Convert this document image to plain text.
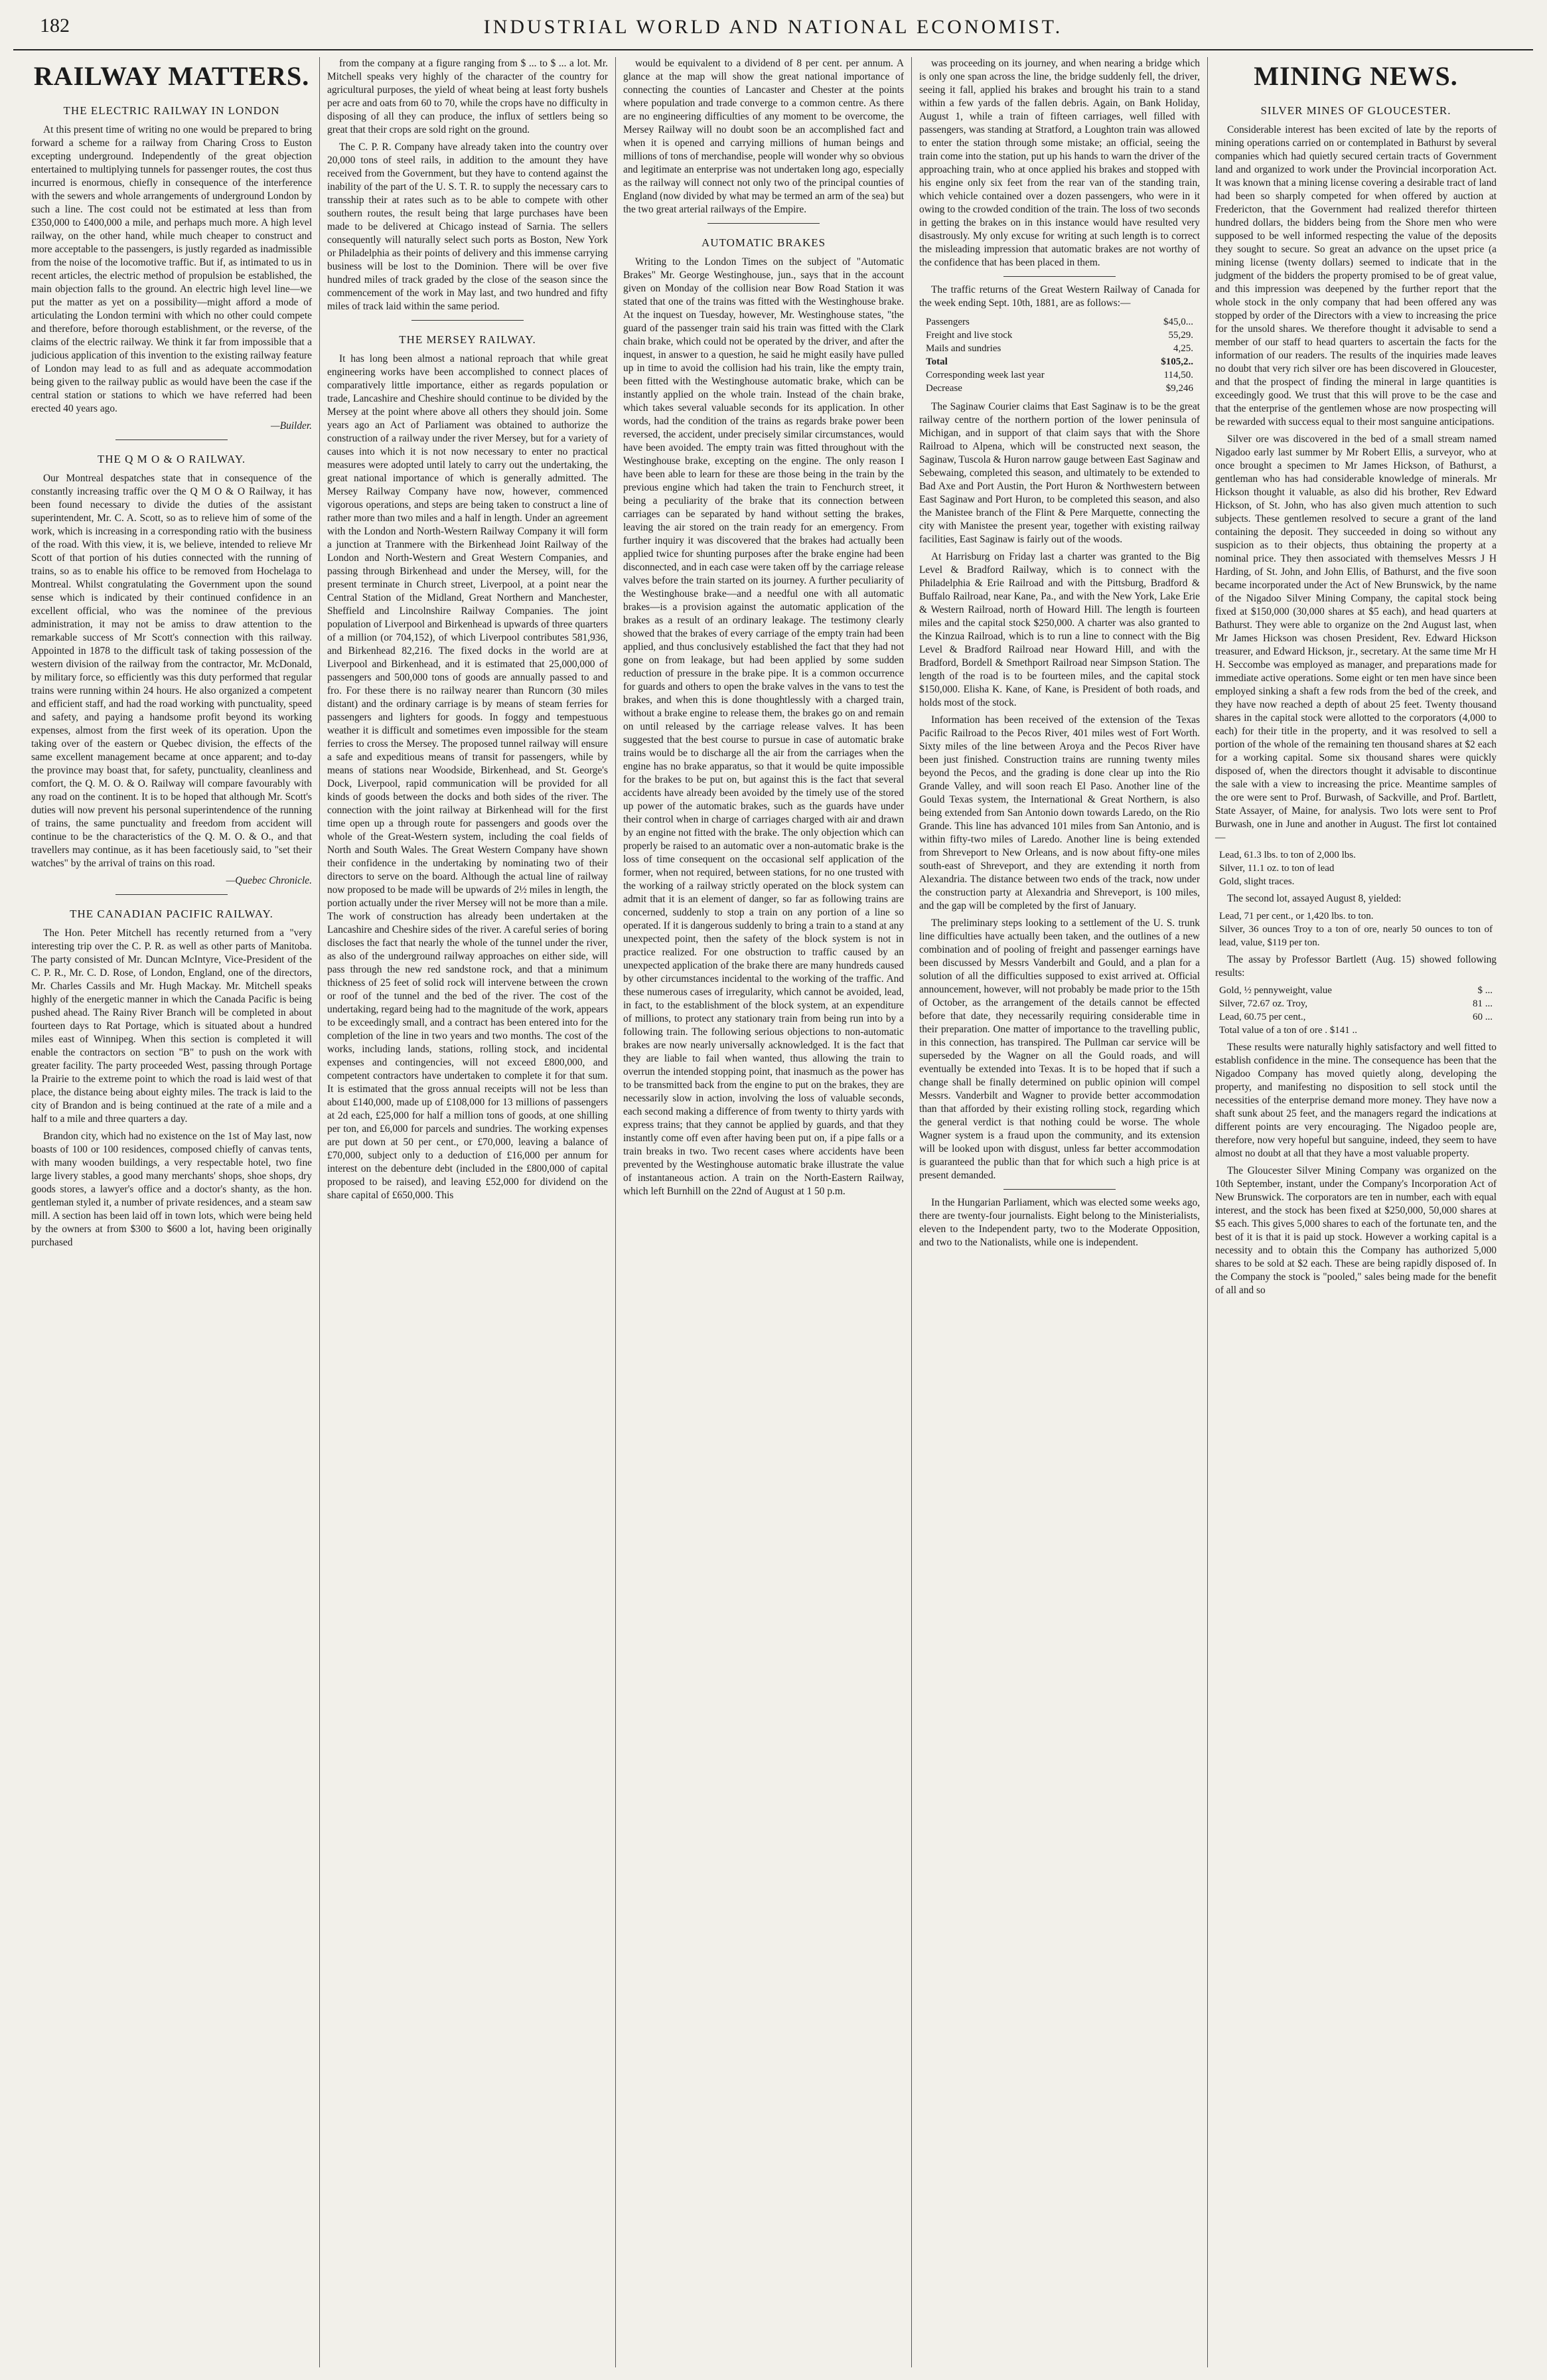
182	INDUSTRIAL WORLD AND NATIONAL ECONOMIST.
RAILWAY MATTERS.
THE ELECTRIC RAILWAY IN LONDON

At this present time of writing no one would be prepared to bring forward a scheme for a railway from Charing Cross to Euston excepting underground. Independently of the great objection entertained to multiplying tunnels for passenger routes, the cost thus incurred is enormous, chiefly in consequence of the interference with the sewers and whole arrangements of underground London by such a line. The cost could not be estimated at less than from £350,000 to £400,000 a mile, and perhaps much more. A high level railway, on the other hand, while much cheaper to construct and more acceptable to the passengers, is justly regarded as inadmissible from the noise of the locomotive traffic. But if, as intimated to us in recent articles, the electric method of propulsion be established, the main objection falls to the ground. An electric high level line—we put the matter as yet on a possibility—might afford a mode of articulating the London termini with which no other could compete and therefore, before thorough establishment, or the reverse, of the claims of the electric railway. We think it far from impossible that a judicious application of this invention to the existing railway feature of London may lead to as full and as adequate accommodation being given to the railway public as would have been the case if the central station or stations to which we have referred had been erected 40 years ago.

—Builder.
THE Q M O & O RAILWAY.

Our Montreal despatches state that in consequence of the constantly increasing traffic over the Q M O & O Railway, it has been found necessary to divide the duties of the assistant superintendent, Mr. C. A. Scott, so as to relieve him of some of the work, which is increasing in a corresponding ratio with the business of the road. With this view, it is, we believe, intended to relieve Mr Scott of that portion of his duties connected with the running of trains, so as to enable his office to be removed from Hochelaga to Montreal. Whilst congratulating the Government upon the sound sense which is indicated by their continued confidence in an excellent official, who was the nominee of the previous administration, it may not be amiss to draw attention to the remarkable success of Mr Scott's connection with this railway. Appointed in 1878 to the difficult task of taking possession of the western division of the railway from the contractor, Mr. McDonald, by military force, so efficiently was this duty performed that regular trains were running within 24 hours. He also organized a competent and efficient staff, and had the road working with punctuality, speed and safety, and paying a handsome profit beyond its working expenses, almost from the first week of its operation. Upon the taking over of the eastern or Quebec division, the effects of the same excellent management became at once apparent; and to-day the province may boast that, for safety, punctuality, cleanliness and comfort, the Q. M. O. & O. Railway will compare favourably with any road on the continent. It is to be hoped that although Mr. Scott's duties will now prevent his personal superintendence of the running of trains, the same punctuality and freedom from accident will continue to be the characteristics of the Q. M. O. & O., and that travellers may continue, as it has been facetiously said, to "set their watches" by the arrival of trains on this road.

—Quebec Chronicle.
THE CANADIAN PACIFIC RAILWAY.

The Hon. Peter Mitchell has recently returned from a "very interesting trip over the C. P. R. as well as other parts of Manitoba. The party consisted of Mr. Duncan McIntyre, Vice-President of the C. P. R., Mr. C. D. Rose, of London, England, one of the directors, Mr. Charles Cassils and Mr. Hugh Mackay. Mr. Mitchell speaks highly of the energetic manner in which the Canada Pacific is being pushed ahead. The Rainy River Branch will be completed in about fourteen days to Rat Portage, which is situated about a hundred miles east of Winnipeg. When this section is completed it will enable the contractors on section "B" to push on the work with greater facility. The party proceeded West, passing through Portage la Prairie to the extreme point to which the road is laid west of that place, the distance being about eighty miles. The track is laid to the city of Brandon and is being continued at the rate of a mile and a half to a mile and three quarters a day.

Brandon city, which had no existence on the 1st of May last, now boasts of 100 or 100 residences, composed chiefly of canvas tents, with many wooden buildings, a very respectable hotel, two fine large livery stables, a good many merchants' shops, shoe shops, dry goods stores, a lawyer's office and a doctor's shanty, as the hon. gentleman styled it, a number of private residences, and a steam saw mill. A section has been laid off in town lots, which were being held by the owners at from $300 to $600 a lot, having been originally purchased

from the company at a figure ranging from $ ... to $ ... a lot. Mr. Mitchell speaks very highly of the character of the country for agricultural purposes, the yield of wheat being at least forty bushels per acre and oats from 60 to 70, while the crops have no difficulty in disposing of all they can produce, the influx of settlers being so great that their crops are sold right on the ground.

The C. P. R. Company have already taken into the country over 20,000 tons of steel rails, in addition to the amount they have received from the Government, but they have to contend against the inability of the part of the U. S. T. R. to supply the necessary cars to transship their at rates such as to be able to compete with other southern routes, the result being that large purchases have been made to be delivered at Chicago instead of Sarnia. The sellers consequently will naturally select such ports as Boston, New York or Philadelphia as their points of delivery and this immense carrying business will be lost to the Dominion. There will be over five hundred miles of track graded by the close of the season since the commencement of the work in May last, and two hundred and fifty miles of track laid within the same period.

THE MERSEY RAILWAY.

It has long been almost a national reproach that while great engineering works have been accomplished to connect places of comparatively little importance, either as regards population or trade, Lancashire and Cheshire should continue to be divided by the Mersey at the point where above all others they should join. Some years ago an Act of Parliament was obtained to authorize the construction of a railway under the river Mersey, but for a variety of causes into which it is not now necessary to enter no practical measures were adopted until lately to carry out the undertaking, the great national importance of which is generally admitted. The Mersey Railway Company have now, however, commenced vigorous operations, and steps are being taken to construct a line of rather more than two miles and a half in length. Under an agreement with the London and North-Western Railway Company it will form a junction at Tranmere with the Birkenhead Joint Railway of the London and North-Western and Great Western Companies, and passing through Birkenhead and under the Mersey, will, for the present terminate in Church street, Liverpool, at a point near the Central Station of the Midland, Great Northern and Manchester, Sheffield and Lincolnshire Railway Companies. The joint population of Liverpool and Birkenhead is upwards of three quarters of a million (or 704,152), of which Liverpool contributes 581,936, and Birkenhead 82,216. The fixed docks in the world are at Liverpool and Birkenhead, and it is estimated that 25,000,000 of passengers and 500,000 tons of goods are annually passed to and fro. For these there is no railway nearer than Runcorn (30 miles distant) and the ordinary carriage is by means of steam ferries for passengers and lighters for goods. In foggy and tempestuous weather it is difficult and sometimes even impossible for the steam ferries to cross the Mersey. The proposed tunnel railway will ensure a safe and expeditious means of transit for passengers, while by means of stations near Woodside, Birkenhead, and St. George's Dock, Liverpool, rapid communication will be provided for all kinds of goods between the docks and both sides of the river. The connection with the joint railway at Birkenhead will for the first time open up a through route for passengers and goods over the whole of the Great-Western system, including the coal fields of North and South Wales. The Great Western Company have shown their confidence in the undertaking by nominating two of their directors to serve on the board. Although the actual line of railway now proposed to be made will be upwards of 2½ miles in length, the portion actually under the river Mersey will not be more than a mile. The work of construction has already been undertaken at the Lancashire and Cheshire sides of the river. A careful series of boring discloses the fact that nearly the whole of the tunnel under the river, as also of the underground railway approaches on either side, will pass through the new red sandstone rock, and that a minimum thickness of 25 feet of solid rock will intervene between the crown or roof of the tunnel and the bed of the river. The cost of the undertaking, regard being had to the magnitude of the work, appears to be exceedingly small, and a contract has been entered into for the completion of the line in two years and two months. The cost of the works, including lands, stations, rolling stock, and incidental expenses and contingencies, will not exceed £800,000, and competent contractors have undertaken to complete it for that sum. It is estimated that the gross annual receipts will not be less than about £140,000, made up of £108,000 for 13 millions of passengers at 2d each, £25,000 for half a million tons of goods, at one shilling per ton, and £6,000 for parcels and sundries. The working expenses are put down at 50 per cent., or £70,000, leaving a balance of £70,000, subject only to a deduction of £16,000 per annum for interest on the debenture debt (included in the £800,000 of capital proposed to be raised), and leaving £52,000 for dividend on the share capital of £650,000. This

would be equivalent to a dividend of 8 per cent. per annum. A glance at the map will show the great national importance of connecting the counties of Lancaster and Chester at the points where population and trade converge to a common centre. As there are no engineering difficulties of any moment to be overcome, the Mersey Railway will no doubt soon be an accomplished fact and when it is opened and carrying millions of human beings and millions of tons of merchandise, people will wonder why so obvious and legitimate an enterprise was not undertaken long ago, especially as the railway will connect not only two of the principal counties of England (now divided by what may be termed an arm of the sea) but the two great arterial railways of the Empire.

AUTOMATIC BRAKES

Writing to the London Times on the subject of "Automatic Brakes" Mr. George Westinghouse, jun., says that in the account given on Monday of the collision near Bow Road Station it was stated that one of the trains was fitted with the Westinghouse brake. At the inquest on Tuesday, however, Mr. Westinghouse states, "the guard of the passenger train said his train was fitted with the Clark chain brake, which could not be operated by the driver, and after the inquest, in answer to a question, he said he might easily have pulled up in time to avoid the collision had his train, like the empty train, been fitted with the Westinghouse automatic brake, which can be instantly applied on the whole train. Instead of the chain brake, which takes several valuable seconds for its application. In other words, had the condition of the trains as regards brake power been reversed, the accident, under precisely similar circumstances, would have been avoided. The empty train was fitted throughout with the Westinghouse brake, excepting on the engine. The only reason I have been able to learn for these are those being in the train by the previous engine which had taken the train to Fenchurch street, it being a peculiarity of the brake that its connection between carriages can be separated by hand without setting the brakes, leaving the air stored on the train ready for an emergency. From further inquiry it was discovered that the brakes had actually been applied twice for shunting purposes after the brake engine had been disconnected, and in each case were taken off by the carriage release valves before the train started on its journey. A further peculiarity of the Westinghouse brake—and a needful one with all automatic brakes—is a provision against the automatic application of the brakes as a result of an ordinary leakage. The testimony clearly showed that the brakes of every carriage of the empty train had been applied, and thus conclusively established the fact that they had not gone on from leakage, but had been applied by some sudden reduction of pressure in the brake pipe. It is a common occurrence for guards and others to open the brake valves in the vans to test the brakes, and when this is done thoughtlessly with a charged train, without a brake engine to release them, the brakes go on and remain on until released by the carriage release valves. It has been suggested that the best course to pursue in case of automatic brake trains would be to discharge all the air from the carriages when the engine has no brake apparatus, so that it would be quite impossible for the brakes to be put on, but against this is the fact that several accidents have already been avoided by the timely use of the stored up power of the automatic brakes, such as the guards have under their control when in charge of carriages charged with air and drawn by an engine not fitted with the brake. The only objection which can properly be raised to an automatic over a non-automatic brake is the loss of time consequent on the occasional self application of the former, when not required, between stations, for no one trusted with the working of a railway strictly operated on the block system can admit that it is an element of danger, so far as following trains are concerned, suddenly to stop a train on any portion of a line so operated. If it is dangerous suddenly to bring a train to a stand at any unexpected point, then the safety of the block system is not in practice realized. For one obstruction to traffic caused by an unexpected application of the brake there are many hundreds caused by other circumstances incidental to the working of the traffic. And these numerous cases of irregularity, which cannot be avoided, lead, in fact, to the establishment of the block system, at an expenditure of millions, to protect any stationary train from being run into by a following train. The following serious objections to non-automatic brakes are now nearly universally acknowledged. It is the fact that they are liable to fail when wanted, thus allowing the train to overrun the intended stopping point, that inasmuch as the power has to be transmitted back from the engine to put on the brakes, they are necessarily slow in action, involving the loss of valuable seconds, each second making a difference of from twenty to thirty yards with express trains; that they cannot be applied by guards, and that they instantly come off even after having been put on, if a pipe falls or a train breaks in two. Two recent cases where accidents have been prevented by the Westinghouse automatic brake illustrate the value of instantaneous action. A train on the North-Eastern Railway, which left Burnhill on the 22nd of August at 1 50 p.m.

was proceeding on its journey, and when nearing a bridge which is only one span across the line, the bridge suddenly fell, the driver, seeing it fall, applied his brakes and brought his train to a stand within a few yards of the fallen debris. Again, on Bank Holiday, August 1, while a train of fifteen carriages, well filled with passengers, was standing at Stratford, a Loughton train was allowed to enter the station through some mistake; an official, seeing the train come into the station, put up his hands to warn the driver of the approaching train, who at once applied his brakes and stopped with his engine only six feet from the rear van of the standing train, which vehicle contained over a dozen passengers, who were in it owing to the crowded condition of the train. The loss of two seconds in getting the brakes on in this instance would have resulted very disastrously. My only excuse for writing at such length is to correct the misleading impression that automatic brakes are not worthy of the confidence that has been placed in them.

The traffic returns of the Great Western Railway of Canada for the week ending Sept. 10th, 1881, are as follows:—

Passengers	$45,0...
Freight and live stock	55,29.
Mails and sundries	4,25.
Total	$105,2..
Corresponding week last year	114,50.
Decrease	$9,246

The Saginaw Courier claims that East Saginaw is to be the great railway centre of the northern portion of the lower peninsula of Michigan, and in support of that claim says that with the Shore Railroad to Alpena, which will be constructed next season, the Saginaw, Tuscola & Huron narrow gauge between East Saginaw and Sebewaing, completed this season, and ultimately to be extended to Bad Axe and Port Austin, the Port Huron & Northwestern between East Saginaw and Port Huron, to be completed this season, and also the Manistee branch of the Flint & Pere Marquette, connecting the city with Manistee the present year, together with existing railway facilities, East Saginaw is fairly out of the woods.

At Harrisburg on Friday last a charter was granted to the Big Level & Bradford Railway, which is to connect with the Philadelphia & Erie Railroad and with the Pittsburg, Bradford & Buffalo Railroad, near Kane, Pa., and with the New York, Lake Erie & Western Railroad, north of Howard Hill. The length is fourteen miles and the capital stock $250,000. A charter was also granted to the Kinzua Railroad, which is to run a line to connect with the Big Level & Bradford Railroad near Howard Hill, and with the Bradford, Bordell & Smethport Railroad near Simpson Station. The length of the road is to be fourteen miles, and the capital stock $150,000. Elisha K. Kane, of Kane, is President of both roads, and holds most of the stock.

Information has been received of the extension of the Texas Pacific Railroad to the Pecos River, 401 miles west of Fort Worth. Sixty miles of the line between Aroya and the Pecos River have been just finished. Construction trains are running twenty miles beyond the Pecos, and the grading is done clear up into the Rio Grande Valley, and will soon reach El Paso. Another line of the Gould Texas system, the International & Great Northern, is also being extended from San Antonio down towards Laredo, on the Rio Grande. This line has advanced 101 miles from San Antonio, and is within fifty-two miles of Laredo. Another line is being extended from Shreveport to New Orleans, and is now about fifty-one miles south-east of Shreveport, and they are extending it north from Alexandria. The distance between two ends of the track, now under the construction party at Alexandria and Shreveport, is 100 miles, and the gap will be completed by the first of January.

The preliminary steps looking to a settlement of the U. S. trunk line difficulties have actually been taken, and the outlines of a new combination and of pooling of freight and passenger earnings have been discussed by Messrs Vanderbilt and Gould, and a plan for a solution of all the difficulties supposed to exist arrived at. Official announcement, however, will not probably be made prior to the 15th of October, as the arrangement of the details cannot be effected before that date, they necessarily requiring considerable time in their preparation. One matter of importance to the travelling public, in this connection, has transpired. The Pullman car service will be superseded by the Wagner on all the Gould roads, and will eventually be extended into Texas. It is to be hoped that if such a change shall be finally determined on public opinion will compel Messrs. Vanderbilt and Wagner to provide better accommodation than that afforded by their existing rolling stock, regarding which the general verdict is that nothing could be worse. The whole Wagner system is a fraud upon the community, and its extension will be looked upon with disgust, unless far better accommodation is guaranteed the public than that for which such a high price is at present demanded.

In the Hungarian Parliament, which was elected some weeks ago, there are twenty-four journalists. Eight belong to the Ministerialists, eleven to the Independent party, two to the Moderate Opposition, and two to the Nationalists, while one is independent.

MINING NEWS.
SILVER MINES OF GLOUCESTER.

Considerable interest has been excited of late by the reports of mining operations carried on or contemplated in Bathurst by several companies which had quietly secured certain tracts of Government land and organized to work under the Provincial incorporation Act. It was known that a mining license covering a desirable tract of land had been so sharply competed for when offered by auction at Fredericton, that the Government had realized therefor thirteen hundred dollars, the bidders being from the Shore men who were supposed to be well informed respecting the value of the deposits they sought to secure. So great an advance on the upset price (a mining license (twenty dollars) seemed to indicate that in the judgment of the bidders the property promised to be of great value, and this impression was deepened by the further report that the whole stock in the only company that had been offered any was stopped by order of the Directors with a view to increasing the price for the unsold shares. We therefore thought it advisable to send a member of our staff to head quarters to ascertain the facts for the information of our readers. The results of the inquiries made leaves no doubt that very rich silver ore has been discovered in Gloucester, and that the prospect of finding the mineral in large quantities is exceedingly good. We trust that this will prove to be the case and that the enterprise of the gentlemen whose are now prospecting will be rewarded with success equal to their most sanguine anticipations.

Silver ore was discovered in the bed of a small stream named Nigadoo early last summer by Mr Robert Ellis, a surveyor, who at once brought a specimen to Mr James Hickson, of Bathurst, a gentleman who has had considerable knowledge of minerals. Mr Hickson thought it valuable, as also did his brother, Rev Edward Hickson, of St. John, who has also given much attention to such subjects. These gentlemen resolved to secure a grant of the land containing the deposit. They succeeded in doing so without any suspicion as to their objects, thus obtaining the property at a nominal price. They then associated with themselves Messrs J H Harding, of St. John, and John Ellis, of Bathurst, and the five soon became incorporated under the Act of New Brunswick, by the name of the Nigadoo Silver Mining Company, the capital stock being fixed at $150,000 (30,000 shares at $5 each), and head quarters at Bathurst. They were able to organize on the 2nd August last, when Mr James Hickson was chosen President, Rev. Edward Hickson treasurer, and Edward Hickson, jr., secretary. At the same time Mr H H. Seccombe was employed as manager, and preparations made for immediate active operations. Some eight or ten men have since been employed sinking a shaft a few rods from the bed of the creek, and they have now reached a depth of about 25 feet. Twenty thousand shares in the capital stock were allotted to the corporators (4,000 to each) for their title in the property, and it was resolved to sell a portion of the whole of the remaining ten thousand shares at $2 each for a working capital. Some six thousand shares were quickly disposed of, when the directors thought it advisable to discontinue the sale with a view to increasing the price. Meantime samples of the ore were sent to Prof. Burwash, of Sackville, and Prof. Bartlett, State Assayer, of Maine, for analysis. Two lots were sent to Prof Burwash, one in June and another in August. The first lot contained—

Lead, 61.3 lbs. to ton of 2,000 lbs.
Silver, 11.1 oz. to ton of lead
Gold, slight traces.

The second lot, assayed August 8, yielded:

Lead, 71 per cent., or 1,420 lbs. to ton.
Silver, 36 ounces Troy to a ton of ore, nearly 50 ounces to ton of lead, value, $119 per ton.

The assay by Professor Bartlett (Aug. 15) showed following results:

Gold, ½ pennyweight, value	$ ...
Silver, 72.67 oz. Troy,	81 ...
Lead, 60.75 per cent.,	60 ...
Total value of a ton of ore . $141 ..

These results were naturally highly satisfactory and well fitted to establish confidence in the mine. The consequence has been that the Nigadoo Company has moved quietly along, developing the property, and manifesting no disposition to sell stock until the necessities of the enterprise demand more money. They have now a shaft sunk about 25 feet, and the managers regard the indications at different points are very encouraging. The Nigadoo people are, therefore, now very hopeful but sanguine, indeed, they seem to have almost no doubt at all that they have a most valuable property.

The Gloucester Silver Mining Company was organized on the 10th September, instant, under the Company's Incorporation Act of New Brunswick. The corporators are ten in number, each with equal interest, and the stock has been fixed at $250,000, 50,000 shares at $5 each. This gives 5,000 shares to each of the fortunate ten, and the best of it is that it is paid up stock. However a working capital is a necessity and to obtain this the Company has authorized 5,000 shares to be sold at $2 each. These are being rapidly disposed of. In the Company the stock is "pooled," sales being made for the benefit of all and so
